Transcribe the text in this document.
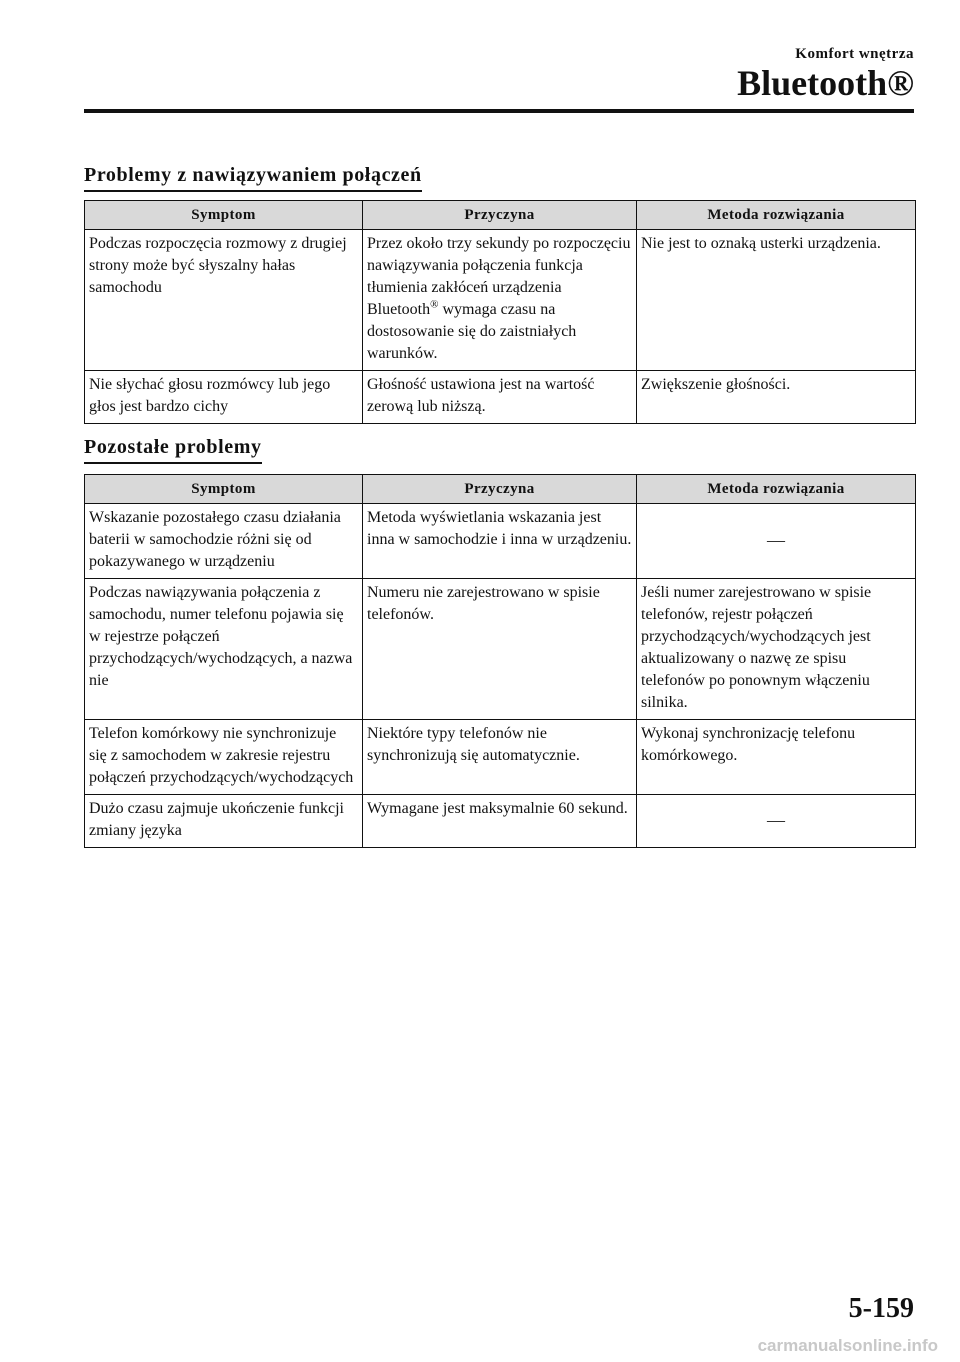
Komfort wnętrza
Bluetooth®
Problemy z nawiązywaniem połączeń
Symptom	Przyczyna	Metoda rozwiązania
Podczas rozpoczęcia rozmowy z drugiej strony może być słyszalny hałas samochodu	Przez około trzy sekundy po rozpoczęciu nawiązywania połączenia funkcja tłumienia zakłóceń urządzenia Bluetooth® wymaga czasu na dostosowanie się do zaistniałych warunków.	Nie jest to oznaką usterki urządzenia.
Nie słychać głosu rozmówcy lub jego głos jest bardzo cichy	Głośność ustawiona jest na wartość zerową lub niższą.	Zwiększenie głośności.
Pozostałe problemy
Symptom	Przyczyna	Metoda rozwiązania
Wskazanie pozostałego czasu działania baterii w samochodzie różni się od pokazywanego w urządzeniu	Metoda wyświetlania wskazania jest inna w samochodzie i inna w urządzeniu.	—
Podczas nawiązywania połączenia z samochodu, numer telefonu pojawia się w rejestrze połączeń przychodzących/wychodzących, a nazwa nie	Numeru nie zarejestrowano w spisie telefonów.	Jeśli numer zarejestrowano w spisie telefonów, rejestr połączeń przychodzących/wychodzących jest aktualizowany o nazwę ze spisu telefonów po ponownym włączeniu silnika.
Telefon komórkowy nie synchronizuje się z samochodem w zakresie rejestru połączeń przychodzących/wychodzących	Niektóre typy telefonów nie synchronizują się automatycznie.	Wykonaj synchronizację telefonu komórkowego.
Dużo czasu zajmuje ukończenie funkcji zmiany języka	Wymagane jest maksymalnie 60 sekund.	—
5-159
carmanualsonline.info
